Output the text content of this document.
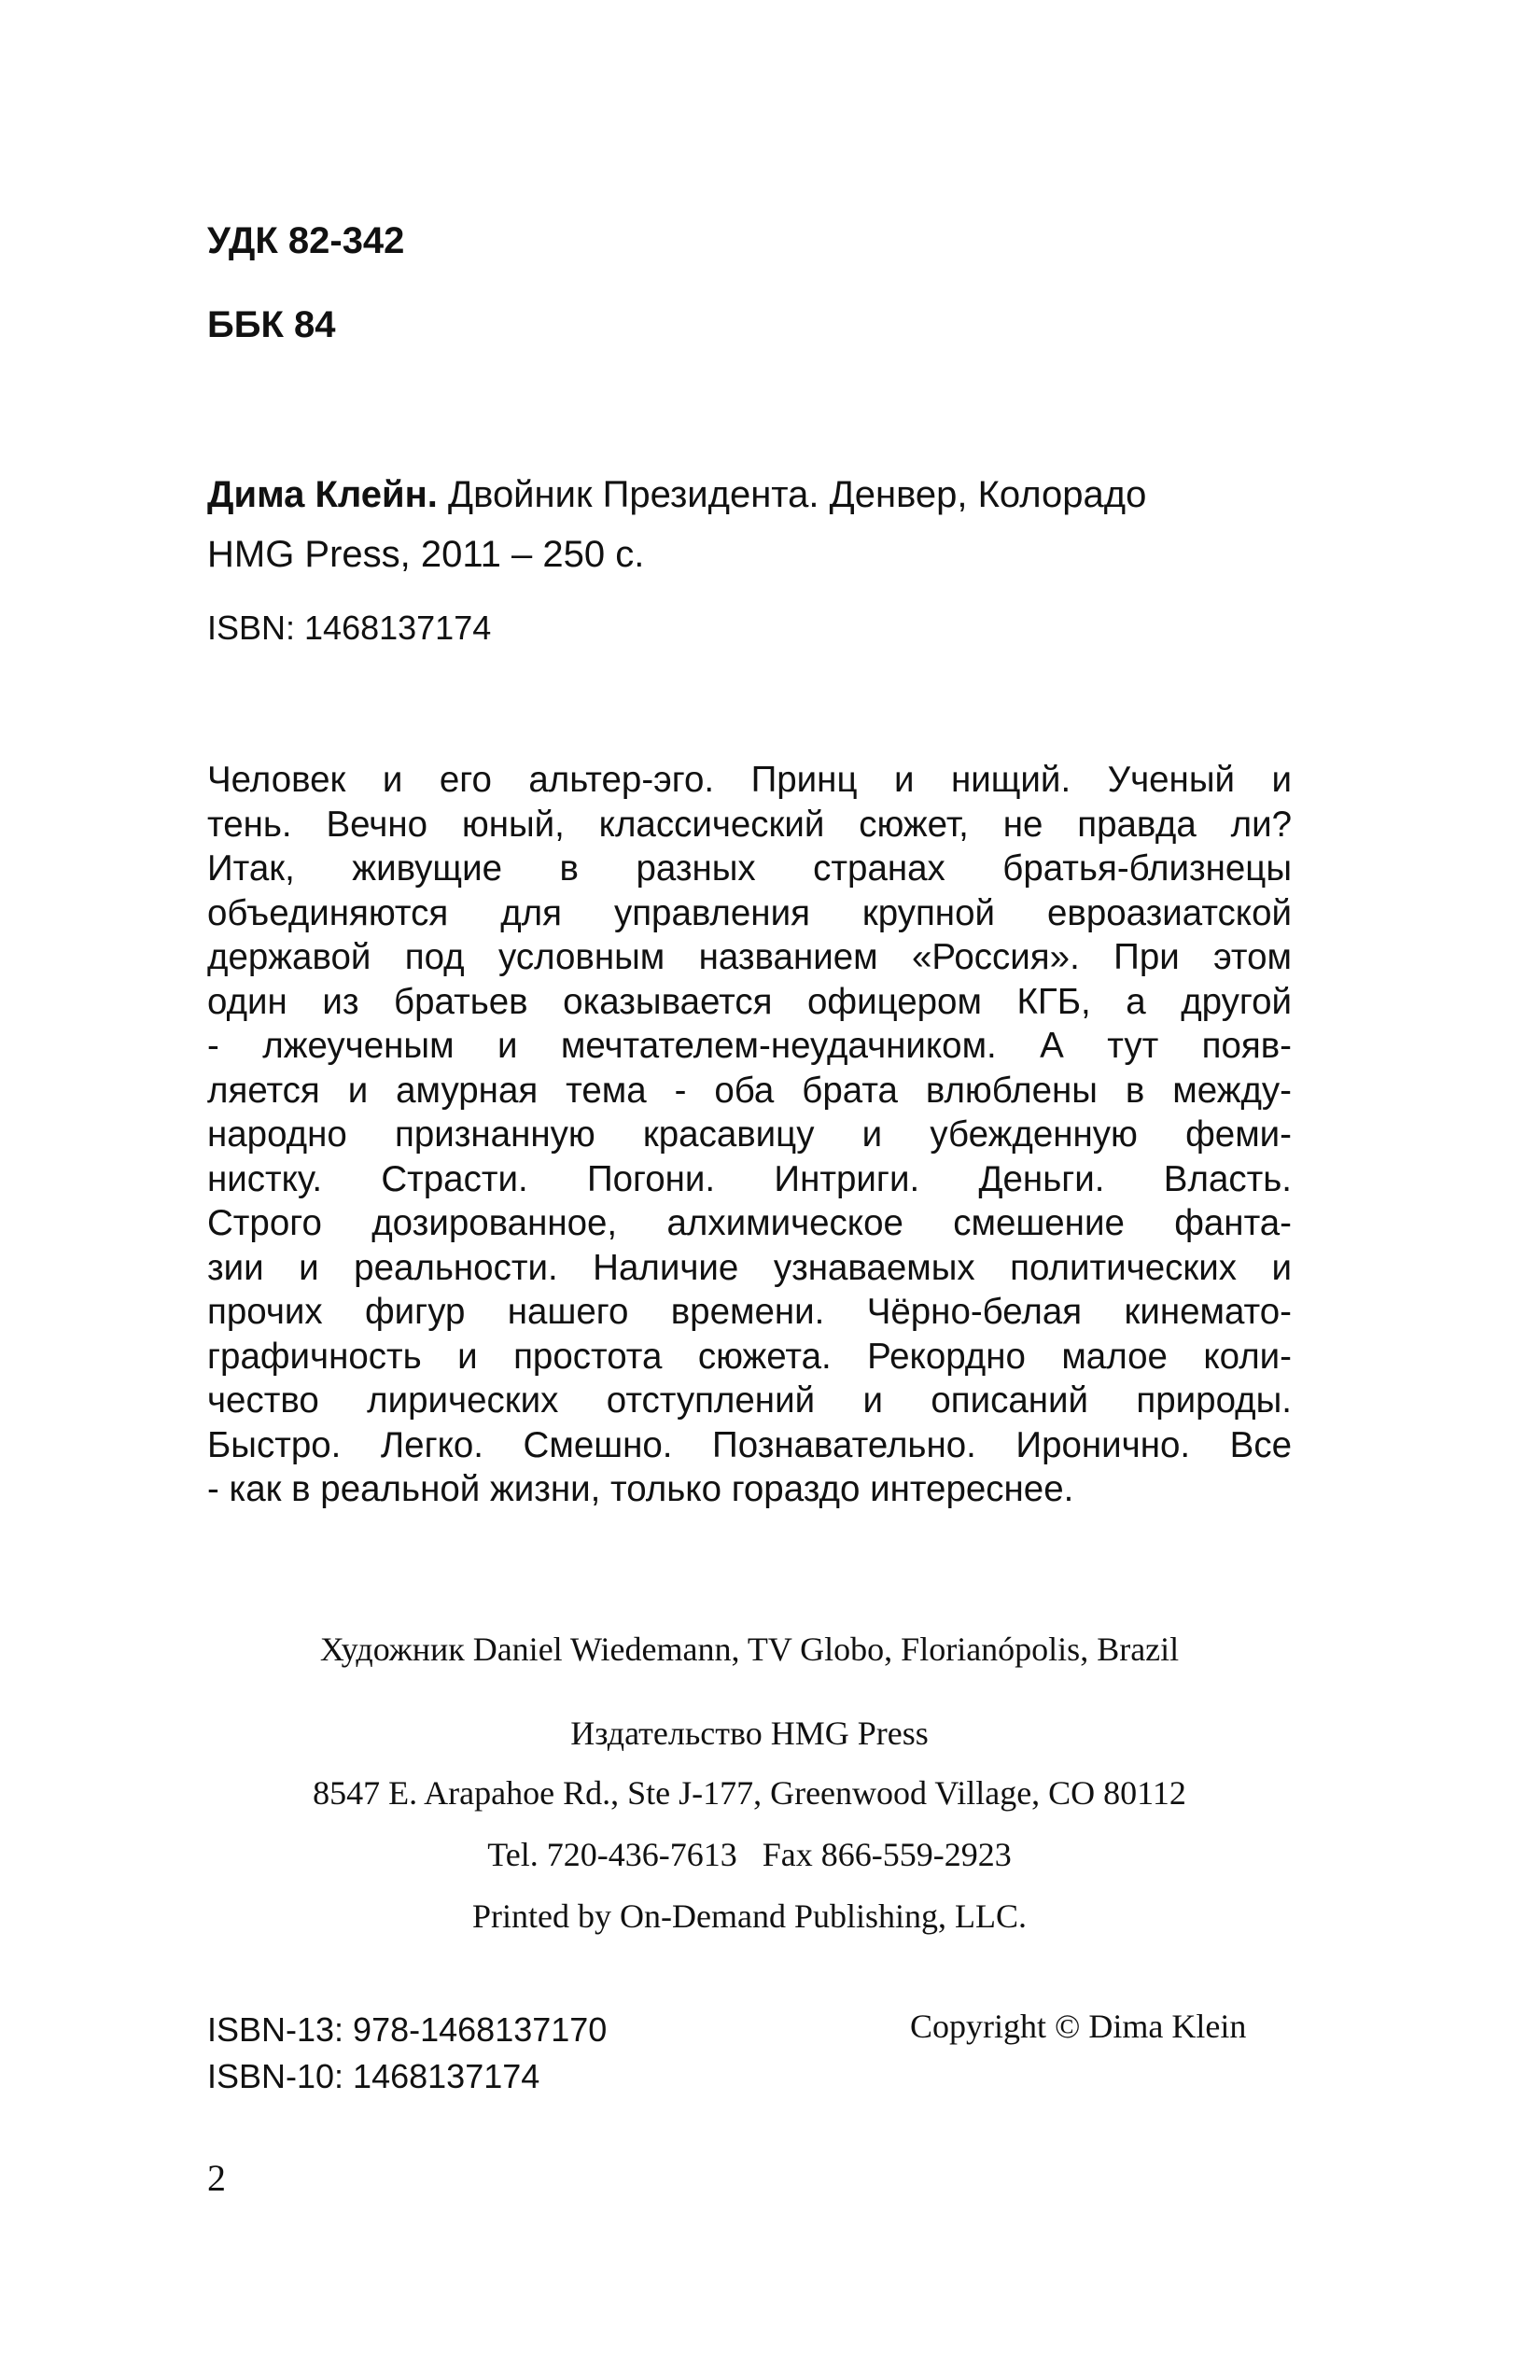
УДК 82-342

ББК 84

Дима Клейн. Двойник Президента. Денвер, Колорадо
HMG Press, 2011 – 250 с.

ISBN: 1468137174

Человек и его альтер-эго. Принц и нищий. Ученый и
тень. Вечно юный, классический сюжет, не правда ли?
Итак, живущие в разных странах братья-близнецы
объединяются для управления крупной евроазиатской
державой под условным названием «Россия». При этом
один из братьев оказывается офицером КГБ, а другой
- лжеученым и мечтателем-неудачником. А тут появ-
ляется и амурная тема - оба брата влюблены в между-
народно признанную красавицу и убежденную феми-
нистку. Страсти. Погони. Интриги. Деньги. Власть.
Строго дозированное, алхимическое смешение фанта-
зии и реальности. Наличие узнаваемых политических и
прочих фигур нашего времени. Чёрно-белая кинемато-
графичность и простота сюжета. Рекордно малое коли-
чество лирических отступлений и описаний природы.
Быстро. Легко. Смешно. Познавательно. Иронично. Все
- как в реальной жизни, только гораздо интереснее.

Художник Daniel Wiedemann, TV Globo, Florianópolis, Brazil

Издательство HMG Press

8547 E. Arapahoe Rd., Ste J-177, Greenwood Village, CO 80112

Tel. 720-436-7613   Fax 866-559-2923

Printed by On-Demand Publishing, LLC.

ISBN-13: 978-1468137170
ISBN-10: 1468137174

Copyright © Dima Klein

2
